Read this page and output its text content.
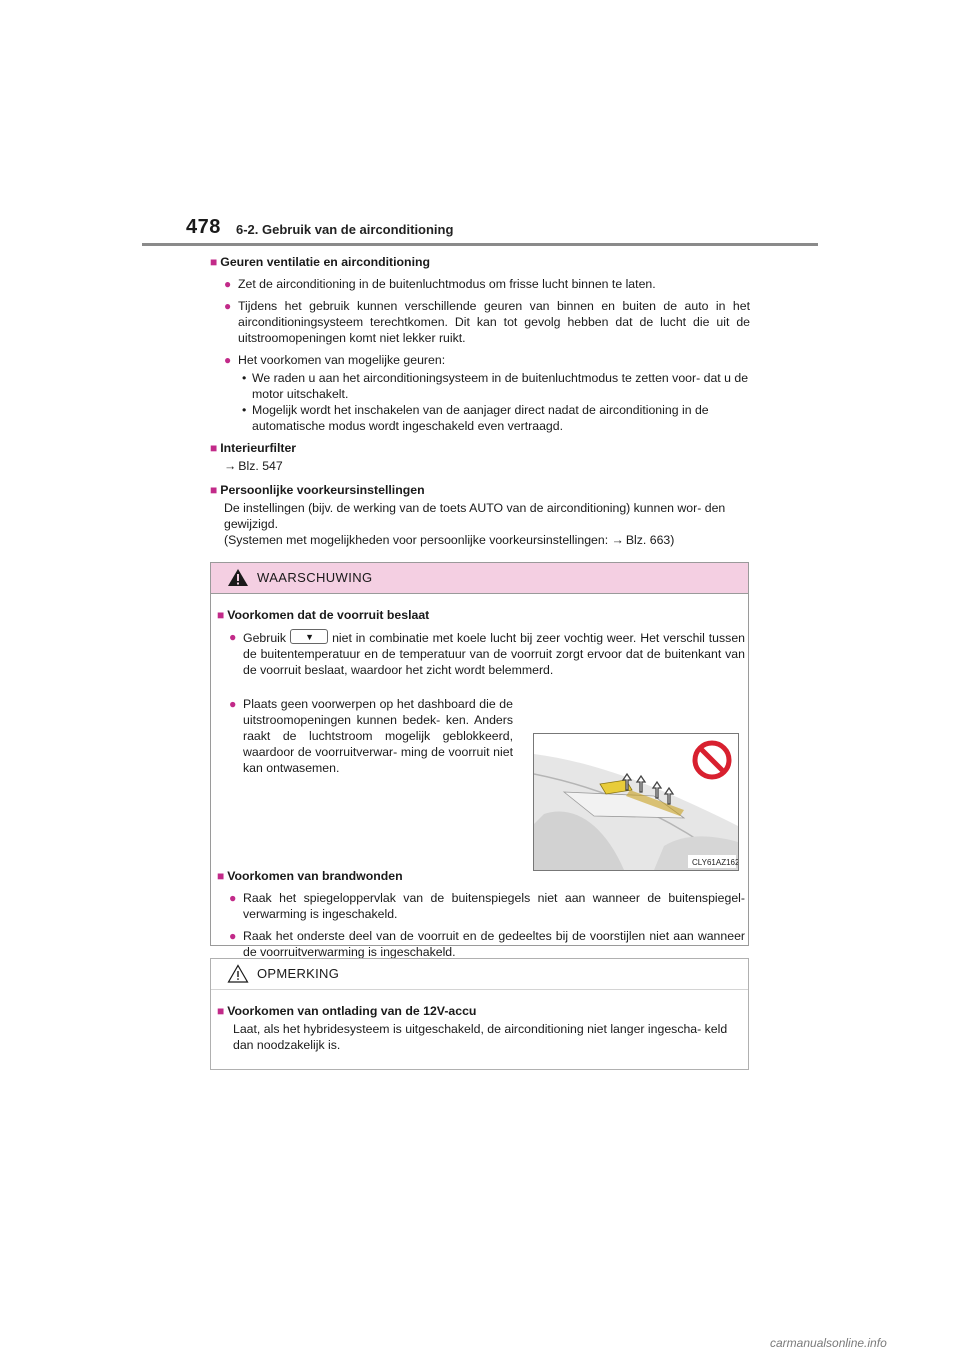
478 6-2. Gebruik van de airconditioning
■ Geuren ventilatie en airconditioning
● Zet de airconditioning in de buitenluchtmodus om frisse lucht binnen te laten.
● Tijdens het gebruik kunnen verschillende geuren van binnen en buiten de auto in het airconditioningsysteem terechtkomen. Dit kan tot gevolg hebben dat de lucht die uit de uitstroomopeningen komt niet lekker ruikt.
● Het voorkomen van mogelijke geuren:
• We raden u aan het airconditioningsysteem in de buitenluchtmodus te zetten voor- dat u de motor uitschakelt.
• Mogelijk wordt het inschakelen van de aanjager direct nadat de airconditioning in de automatische modus wordt ingeschakeld even vertraagd.
■ Interieurfilter
→ Blz. 547
■ Persoonlijke voorkeursinstellingen
De instellingen (bijv. de werking van de toets AUTO van de airconditioning) kunnen wor- den gewijzigd.
(Systemen met mogelijkheden voor persoonlijke voorkeursinstellingen: → Blz. 663)
WAARSCHUWING
■ Voorkomen dat de voorruit beslaat
● Gebruik ▼ niet in combinatie met koele lucht bij zeer vochtig weer. Het verschil tussen de buitentemperatuur en de temperatuur van de voorruit zorgt ervoor dat de buitenkant van de voorruit beslaat, waardoor het zicht wordt belemmerd.
● Plaats geen voorwerpen op het dashboard die de uitstroomopeningen kunnen bedek- ken. Anders raakt de luchtstroom mogelijk geblokkeerd, waardoor de voorruitverwar- ming de voorruit niet kan ontwasemen.
CLY61AZ162
■ Voorkomen van brandwonden
● Raak het spiegeloppervlak van de buitenspiegels niet aan wanneer de buitenspiegel- verwarming is ingeschakeld.
● Raak het onderste deel van de voorruit en de gedeeltes bij de voorstijlen niet aan wanneer de voorruitverwarming is ingeschakeld.
OPMERKING
■ Voorkomen van ontlading van de 12V-accu
Laat, als het hybridesysteem is uitgeschakeld, de airconditioning niet langer ingescha- keld dan noodzakelijk is.
carmanualsonline.info
